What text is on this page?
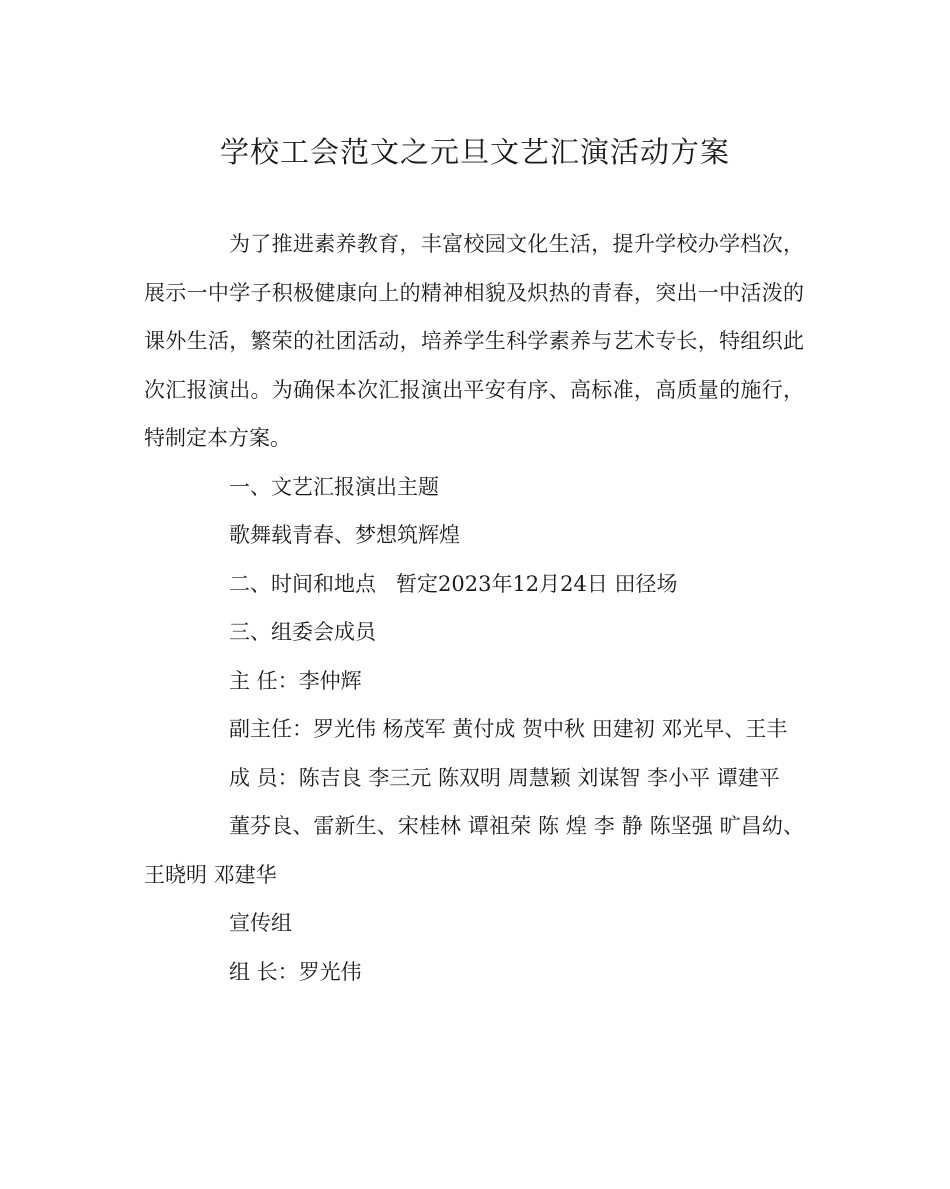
学校工会范文之元旦文艺汇演活动方案

为了推进素养教育，丰富校园文化生活，提升学校办学档次，展示一中学子积极健康向上的精神相貌及炽热的青春，突出一中活泼的课外生活，繁荣的社团活动，培养学生科学素养与艺术专长，特组织此次汇报演出。为确保本次汇报演出平安有序、高标准，高质量的施行，特制定本方案。

一、文艺汇报演出主题

歌舞载青春、梦想筑辉煌

二、时间和地点 暂定2023年12月24日 田径场

三、组委会成员

主 任：李仲辉

副主任：罗光伟 杨茂军 黄付成 贺中秋 田建初 邓光早、王丰

成 员：陈吉良 李三元 陈双明 周慧颖 刘谋智 李小平 谭建平

董芬良、雷新生、宋桂林 谭祖荣 陈 煌 李 静 陈坚强 旷昌幼、王晓明 邓建华

宣传组

组 长：罗光伟
